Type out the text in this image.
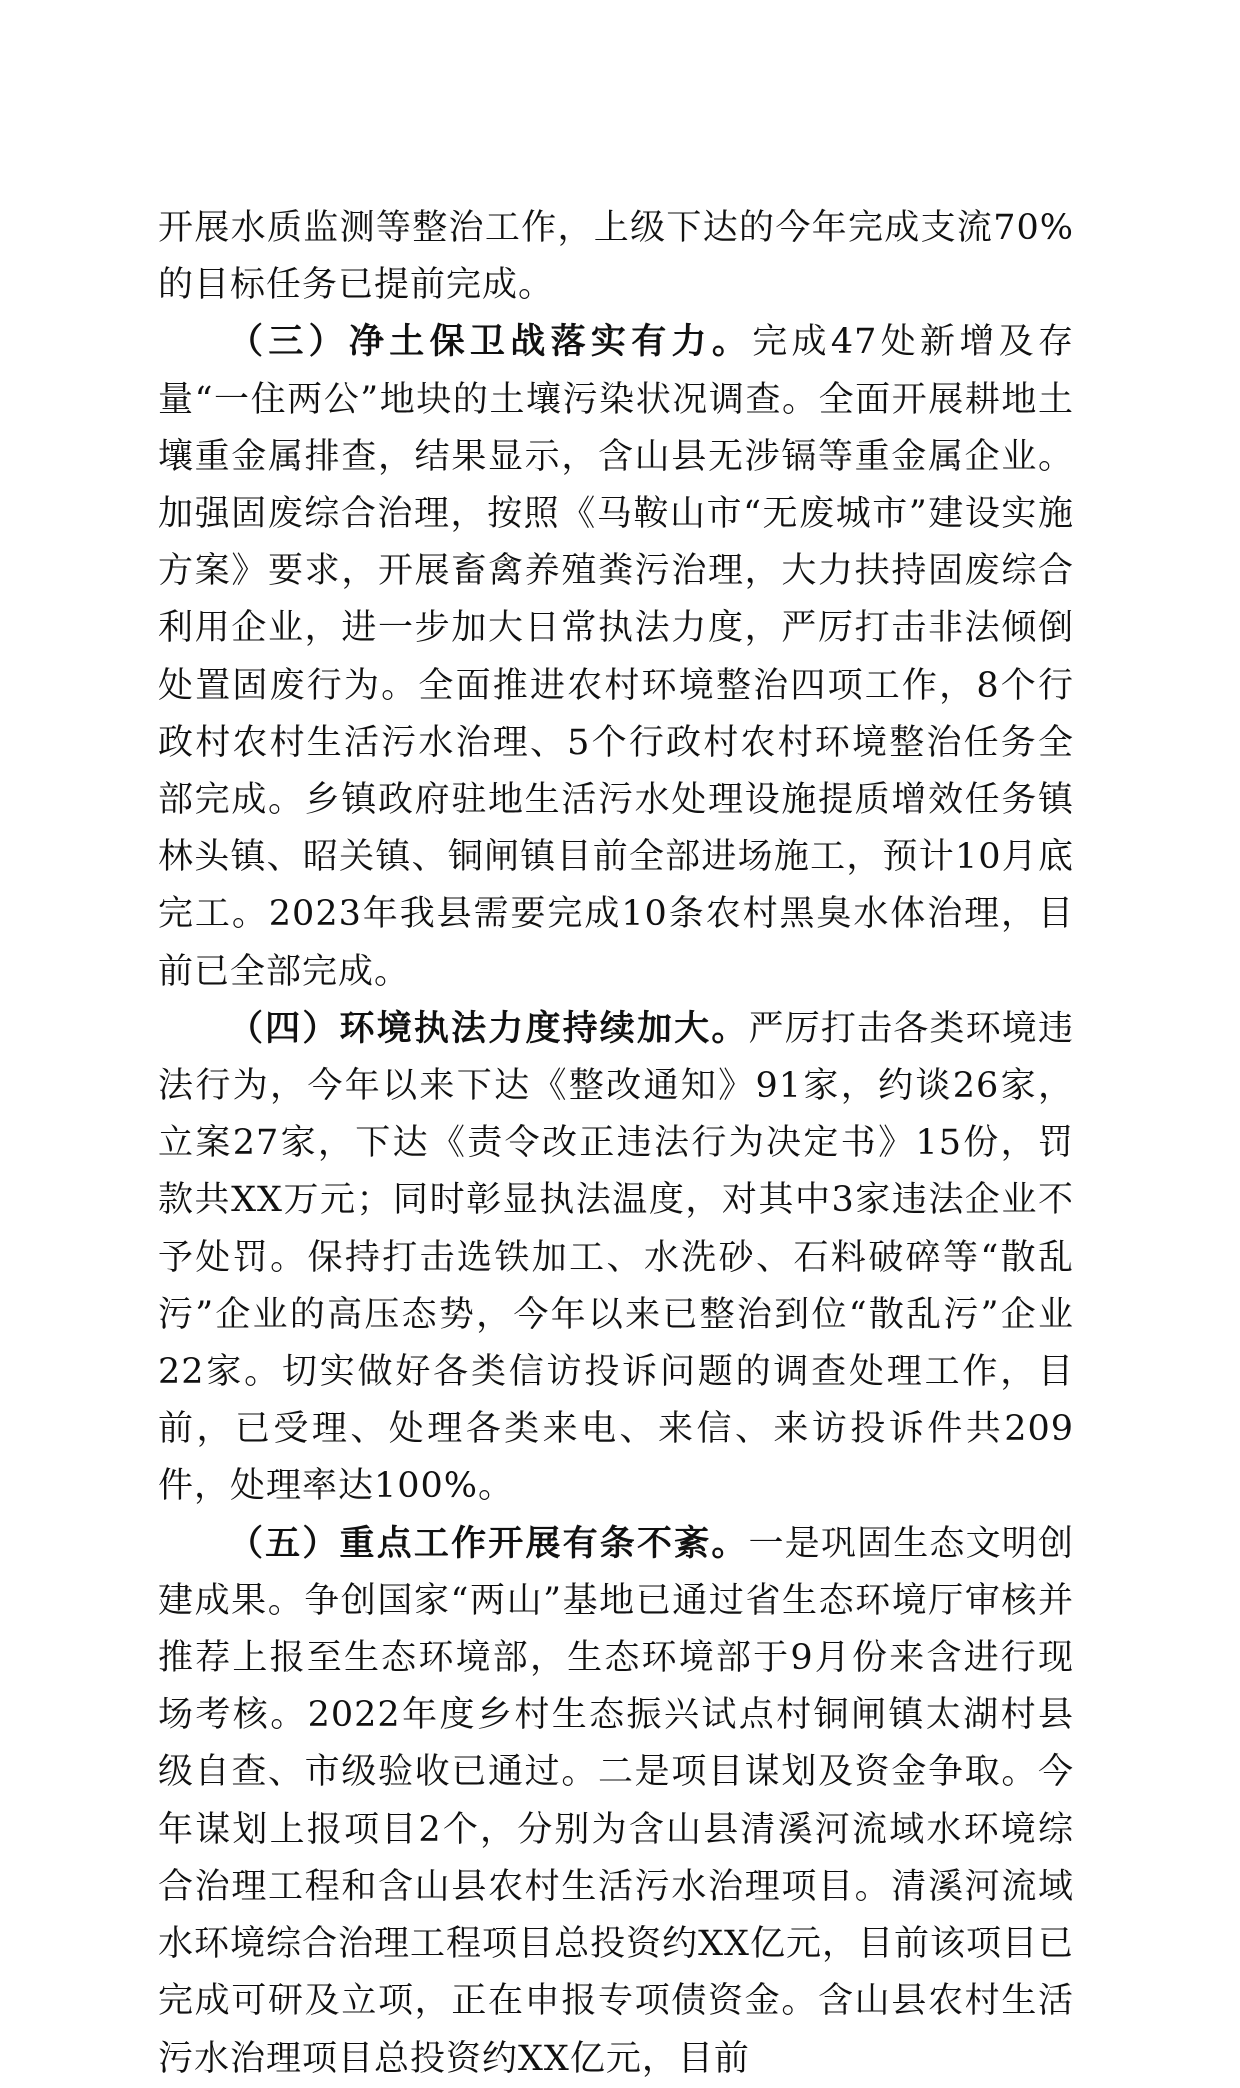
开展水质监测等整治工作，上级下达的今年完成支流70%的目标任务已提前完成。

（三）净土保卫战落实有力。完成47处新增及存量“一住两公”地块的土壤污染状况调查。全面开展耕地土壤重金属排查，结果显示，含山县无涉镉等重金属企业。加强固废综合治理，按照《马鞍山市“无废城市”建设实施方案》要求，开展畜禽养殖粪污治理，大力扶持固废综合利用企业，进一步加大日常执法力度，严厉打击非法倾倒处置固废行为。全面推进农村环境整治四项工作，8个行政村农村生活污水治理、5个行政村农村环境整治任务全部完成。乡镇政府驻地生活污水处理设施提质增效任务镇林头镇、昭关镇、铜闸镇目前全部进场施工，预计10月底完工。2023年我县需要完成10条农村黑臭水体治理，目前已全部完成。

（四）环境执法力度持续加大。严厉打击各类环境违法行为，今年以来下达《整改通知》91家，约谈26家，立案27家，下达《责令改正违法行为决定书》15份，罚款共XX万元；同时彰显执法温度，对其中3家违法企业不予处罚。保持打击选铁加工、水洗砂、石料破碎等“散乱污”企业的高压态势，今年以来已整治到位“散乱污”企业22家。切实做好各类信访投诉问题的调查处理工作，目前，已受理、处理各类来电、来信、来访投诉件共209件，处理率达100%。

（五）重点工作开展有条不紊。一是巩固生态文明创建成果。争创国家“两山”基地已通过省生态环境厅审核并推荐上报至生态环境部，生态环境部于9月份来含进行现场考核。2022年度乡村生态振兴试点村铜闸镇太湖村县级自查、市级验收已通过。二是项目谋划及资金争取。今年谋划上报项目2个，分别为含山县清溪河流域水环境综合治理工程和含山县农村生活污水治理项目。清溪河流域水环境综合治理工程项目总投资约XX亿元，目前该项目已完成可研及立项，正在申报专项债资金。含山县农村生活污水治理项目总投资约XX亿元，目前
